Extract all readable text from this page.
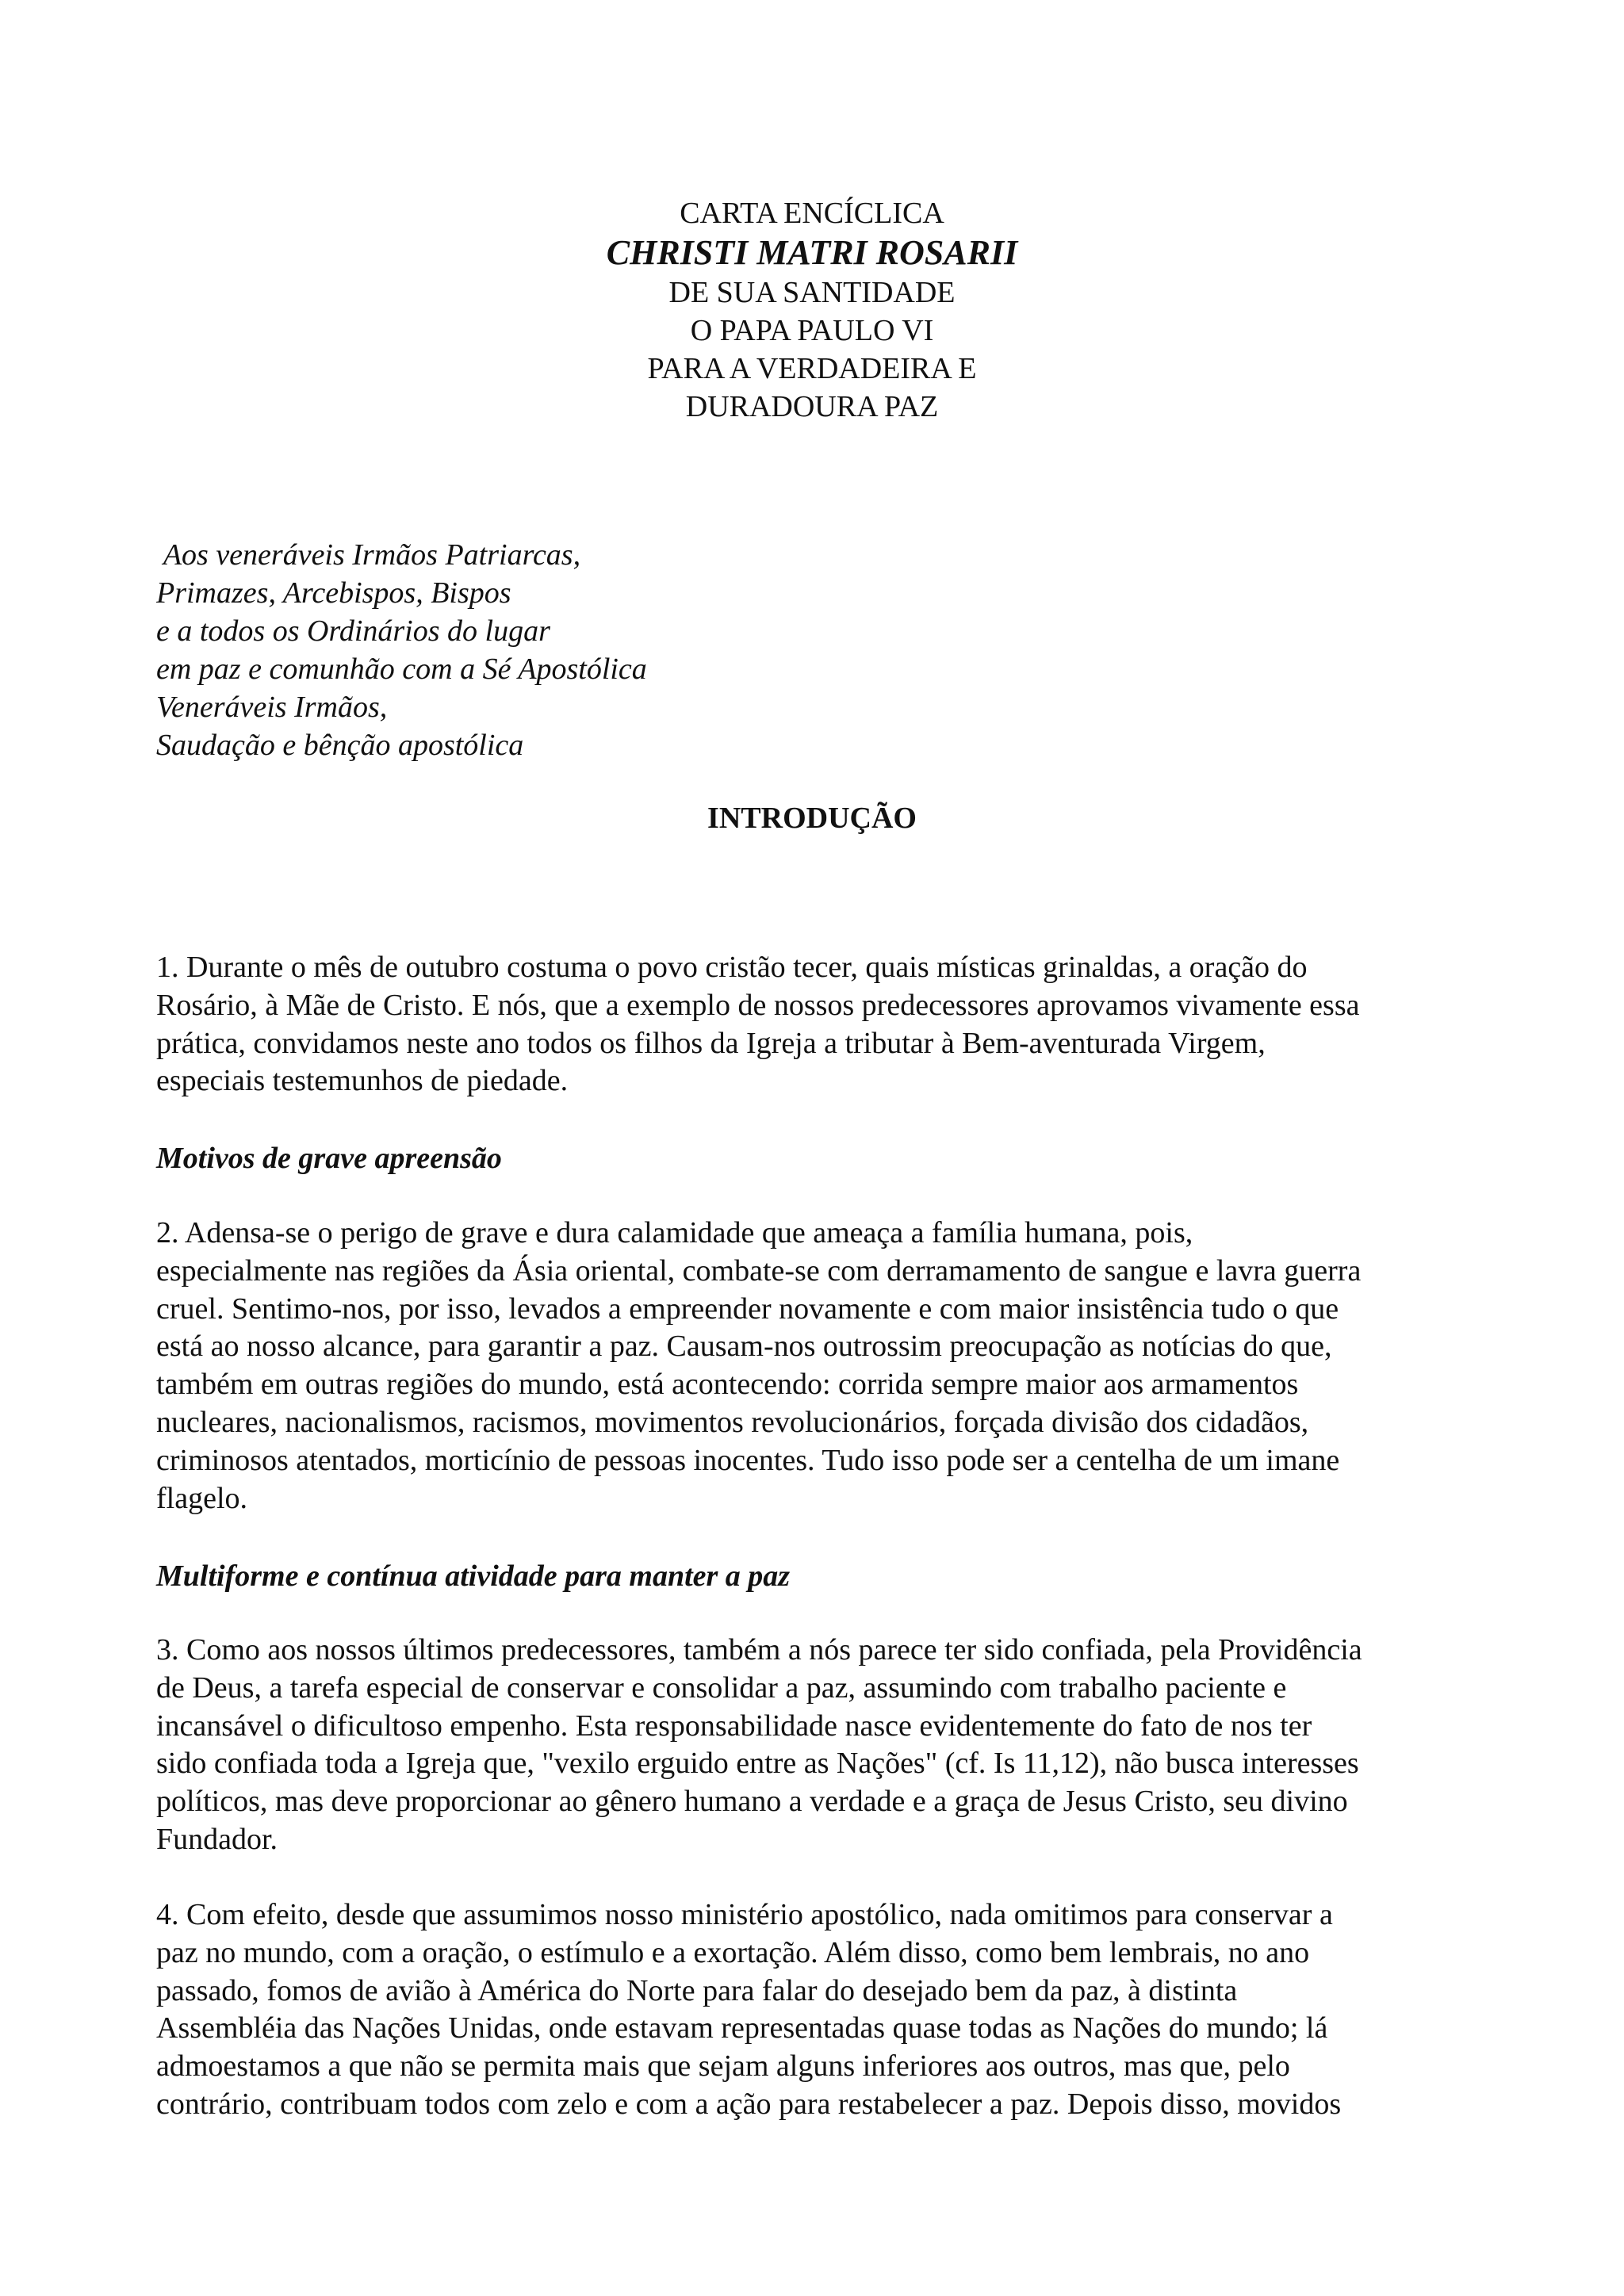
CARTA ENCÍCLICA
CHRISTI MATRI ROSARII
DE SUA SANTIDADE
O PAPA PAULO VI
PARA A VERDADEIRA E
DURADOURA PAZ
Aos veneráveis Irmãos Patriarcas,
Primazes, Arcebispos, Bispos
e a todos os Ordinários do lugar
em paz e comunhão com a Sé Apostólica
Veneráveis Irmãos,
Saudação e bênção apostólica
INTRODUÇÃO
1. Durante o mês de outubro costuma o povo cristão tecer, quais místicas grinaldas, a oração do
Rosário, à Mãe de Cristo. E nós, que a exemplo de nossos predecessores aprovamos vivamente essa
prática, convidamos neste ano todos os filhos da Igreja a tributar à Bem-aventurada Virgem,
especiais testemunhos de piedade.
Motivos de grave apreensão
2. Adensa-se o perigo de grave e dura calamidade que ameaça a família humana, pois,
especialmente nas regiões da Ásia oriental, combate-se com derramamento de sangue e lavra guerra
cruel. Sentimo-nos, por isso, levados a empreender novamente e com maior insistência tudo o que
está ao nosso alcance, para garantir a paz. Causam-nos outrossim preocupação as notícias do que,
também em outras regiões do mundo, está acontecendo: corrida sempre maior aos armamentos
nucleares, nacionalismos, racismos, movimentos revolucionários, forçada divisão dos cidadãos,
criminosos atentados, morticínio de pessoas inocentes. Tudo isso pode ser a centelha de um imane
flagelo.
Multiforme e contínua atividade para manter a paz
3. Como aos nossos últimos predecessores, também a nós parece ter sido confiada, pela Providência
de Deus, a tarefa especial de conservar e consolidar a paz, assumindo com trabalho paciente e
incansável o dificultoso empenho. Esta responsabilidade nasce evidentemente do fato de nos ter
sido confiada toda a Igreja que, "vexilo erguido entre as Nações" (cf. Is 11,12), não busca interesses
políticos, mas deve proporcionar ao gênero humano a verdade e a graça de Jesus Cristo, seu divino
Fundador.
4. Com efeito, desde que assumimos nosso ministério apostólico, nada omitimos para conservar a
paz no mundo, com a oração, o estímulo e a exortação. Além disso, como bem lembrais, no ano
passado, fomos de avião à América do Norte para falar do desejado bem da paz, à distinta
Assembléia das Nações Unidas, onde estavam representadas quase todas as Nações do mundo; lá
admoestamos a que não se permita mais que sejam alguns inferiores aos outros, mas que, pelo
contrário, contribuam todos com zelo e com a ação para restabelecer a paz. Depois disso, movidos
